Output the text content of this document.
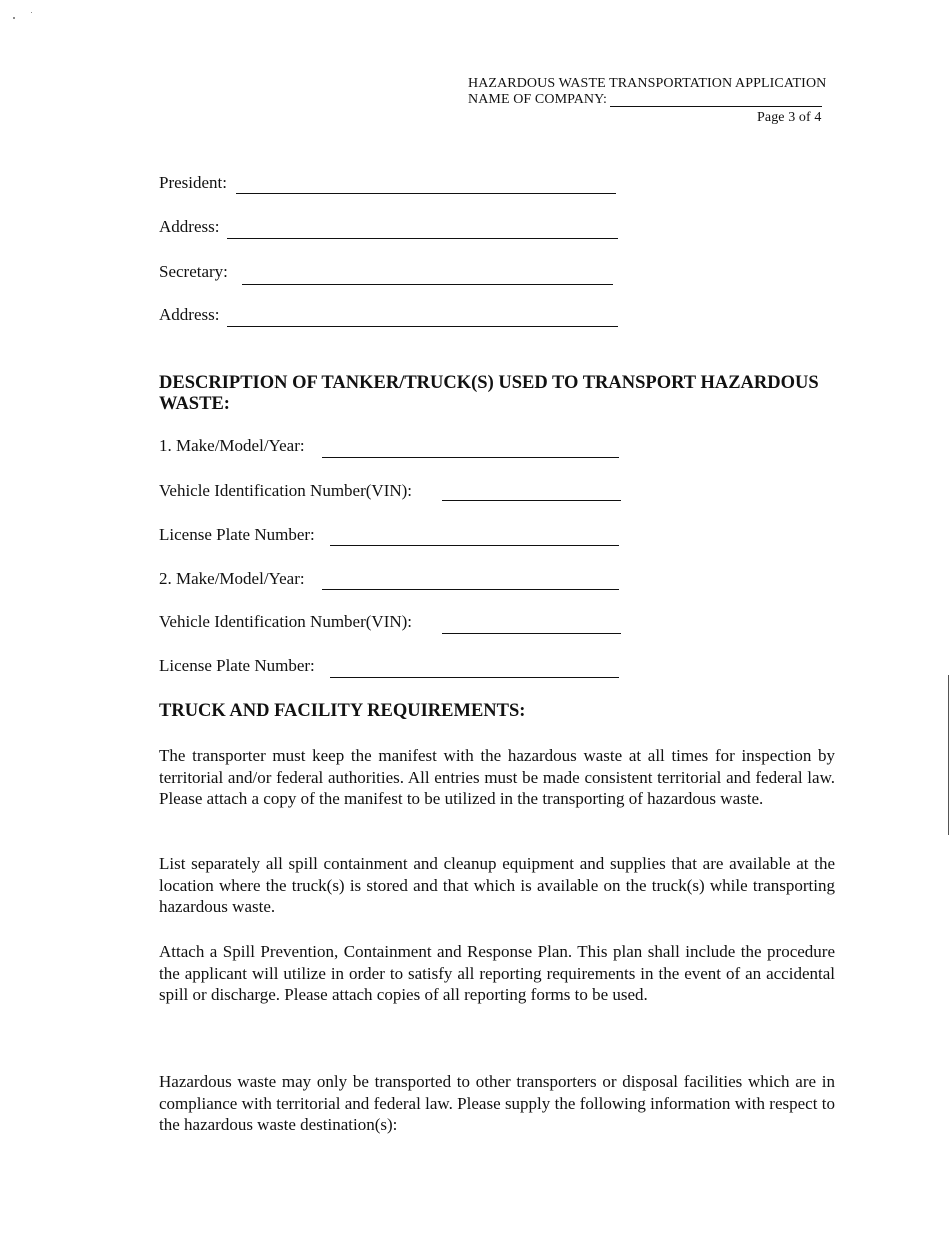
HAZARDOUS WASTE TRANSPORTATION APPLICATION
NAME OF COMPANY:
Page 3 of 4
President:
Address:
Secretary:
Address:
DESCRIPTION OF TANKER/TRUCK(S) USED TO TRANSPORT HAZARDOUS
WASTE:
1. Make/Model/Year:
Vehicle Identification Number(VIN):
License Plate Number:
2. Make/Model/Year:
Vehicle Identification Number(VIN):
License Plate Number:
TRUCK AND FACILITY REQUIREMENTS:
The transporter must keep the manifest with the hazardous waste at all times for inspection by territorial and/or federal authorities. All entries must be made consistent territorial and federal law. Please attach a copy of the manifest to be utilized in the transporting of hazardous waste.
List separately all spill containment and cleanup equipment and supplies that are available at the location where the truck(s) is stored and that which is available on the truck(s) while transporting hazardous waste.
Attach a Spill Prevention, Containment and Response Plan. This plan shall include the procedure the applicant will utilize in order to satisfy all reporting requirements in the event of an accidental spill or discharge. Please attach copies of all reporting forms to be used.
Hazardous waste may only be transported to other transporters or disposal facilities which are in compliance with territorial and federal law. Please supply the following information with respect to the hazardous waste destination(s):
